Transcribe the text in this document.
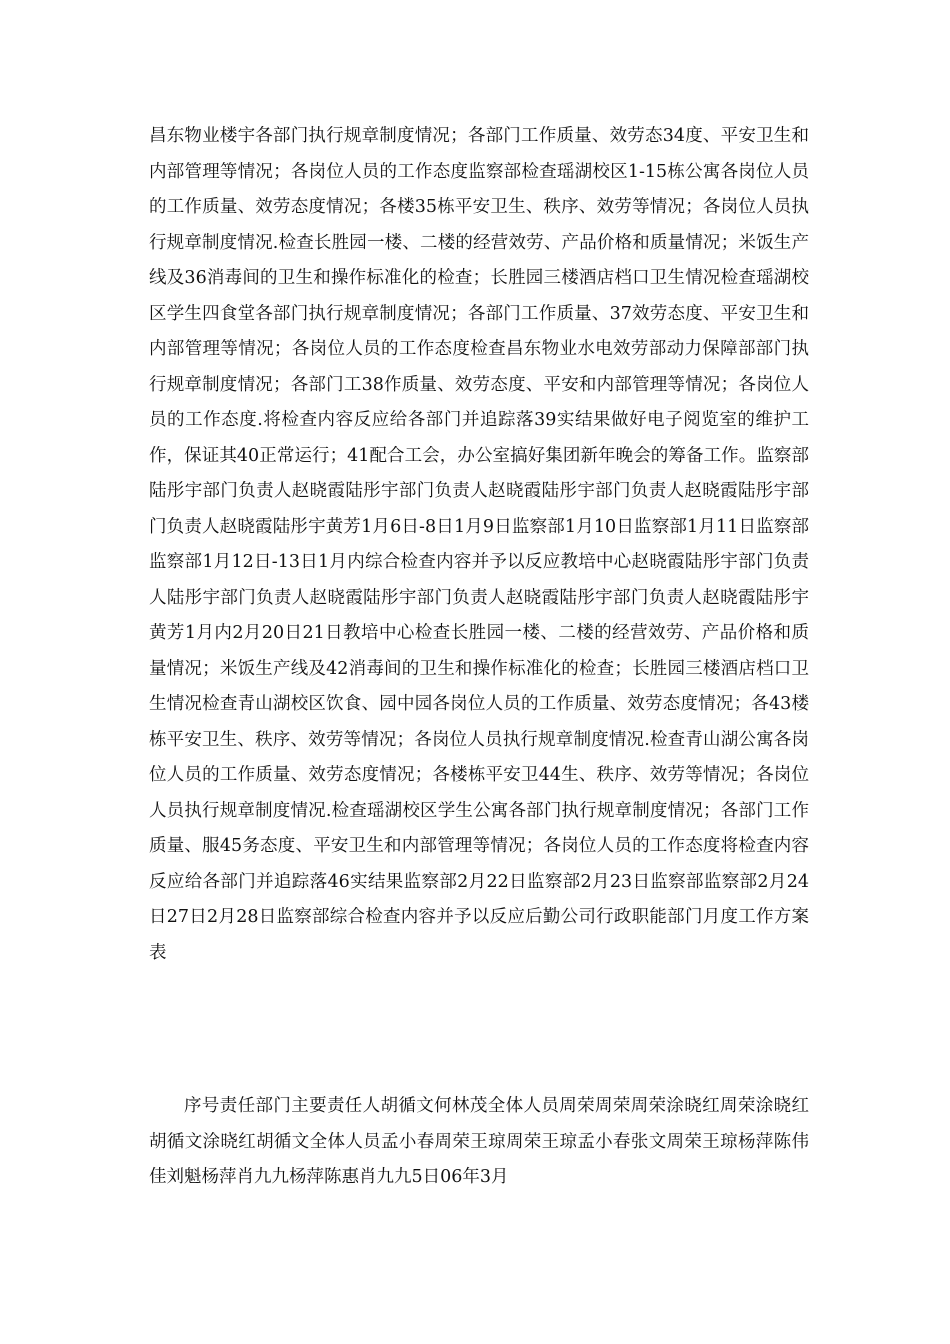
昌东物业楼宇各部门执行规章制度情况；各部门工作质量、效劳态34度、平安卫生和内部管理等情况；各岗位人员的工作态度监察部检查瑶湖校区1-15栋公寓各岗位人员的工作质量、效劳态度情况；各楼35栋平安卫生、秩序、效劳等情况；各岗位人员执行规章制度情况.检查长胜园一楼、二楼的经营效劳、产品价格和质量情况；米饭生产线及36消毒间的卫生和操作标准化的检查；长胜园三楼酒店档口卫生情况检查瑶湖校区学生四食堂各部门执行规章制度情况；各部门工作质量、37效劳态度、平安卫生和内部管理等情况；各岗位人员的工作态度检查昌东物业水电效劳部动力保障部部门执行规章制度情况；各部门工38作质量、效劳态度、平安和内部管理等情况；各岗位人员的工作态度.将检查内容反应给各部门并追踪落39实结果做好电子阅览室的维护工作，保证其40正常运行；41配合工会，办公室搞好集团新年晚会的筹备工作。监察部陆彤宇部门负责人赵晓霞陆彤宇部门负责人赵晓霞陆彤宇部门负责人赵晓霞陆彤宇部门负责人赵晓霞陆彤宇黄芳1月6日-8日1月9日监察部1月10日监察部1月11日监察部监察部1月12日-13日1月内综合检查内容并予以反应教培中心赵晓霞陆彤宇部门负责人陆彤宇部门负责人赵晓霞陆彤宇部门负责人赵晓霞陆彤宇部门负责人赵晓霞陆彤宇黄芳1月内2月20日21日教培中心检查长胜园一楼、二楼的经营效劳、产品价格和质量情况；米饭生产线及42消毒间的卫生和操作标准化的检查；长胜园三楼酒店档口卫生情况检查青山湖校区饮食、园中园各岗位人员的工作质量、效劳态度情况；各43楼栋平安卫生、秩序、效劳等情况；各岗位人员执行规章制度情况.检查青山湖公寓各岗位人员的工作质量、效劳态度情况；各楼栋平安卫44生、秩序、效劳等情况；各岗位人员执行规章制度情况.检查瑶湖校区学生公寓各部门执行规章制度情况；各部门工作质量、服45务态度、平安卫生和内部管理等情况；各岗位人员的工作态度将检查内容反应给各部门并追踪落46实结果监察部2月22日监察部2月23日监察部监察部2月24日27日2月28日监察部综合检查内容并予以反应后勤公司行政职能部门月度工作方案表

序号责任部门主要责任人胡循文何林茂全体人员周荣周荣周荣涂晓红周荣涂晓红胡循文涂晓红胡循文全体人员孟小春周荣王琼周荣王琼孟小春张文周荣王琼杨萍陈伟佳刘魁杨萍肖九九杨萍陈惠肖九九5日06年3月
